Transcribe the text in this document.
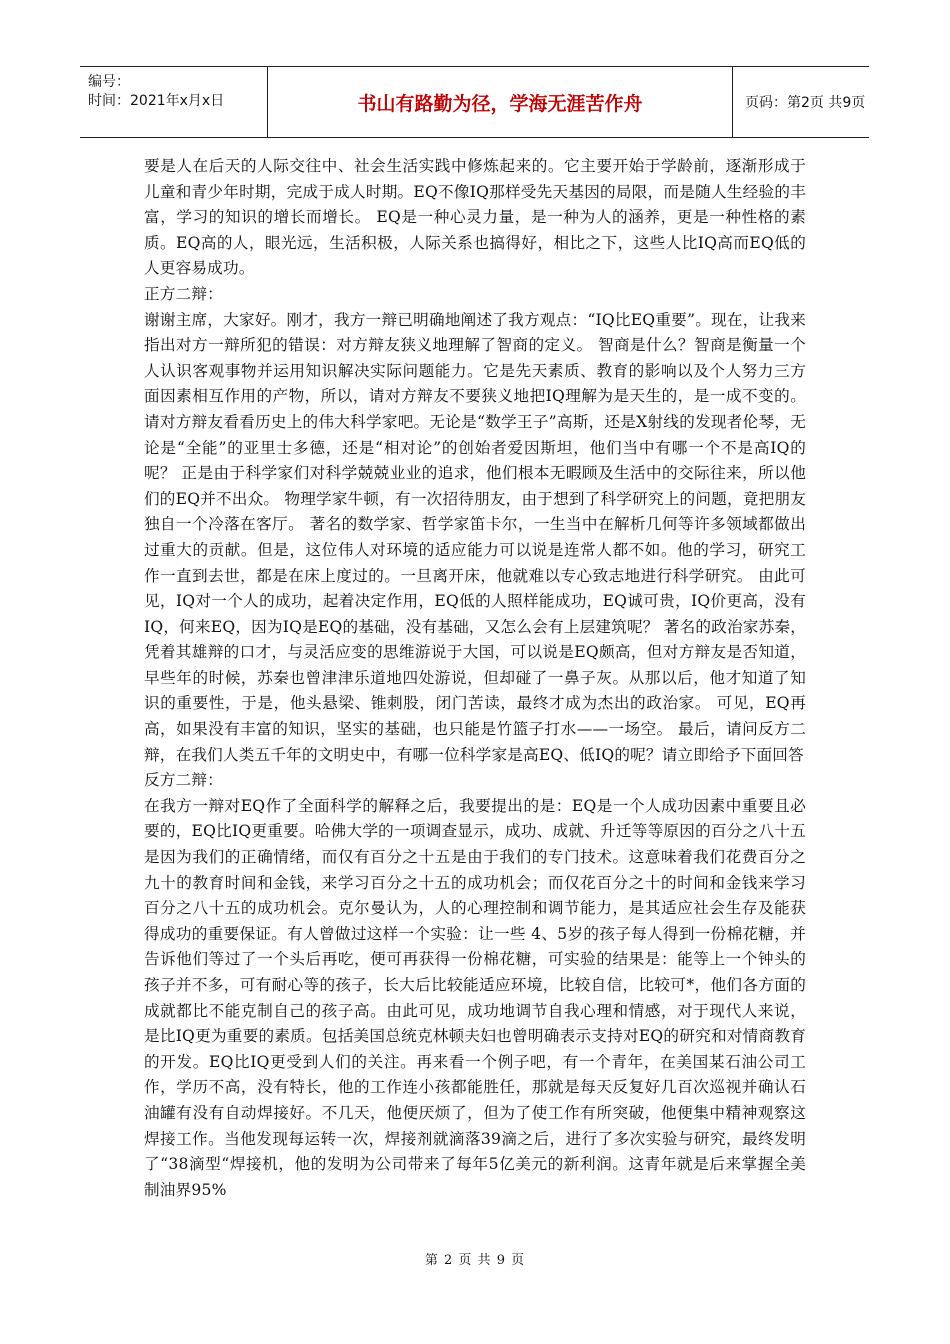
编号：
时间：2021年x月x日	书山有路勤为径，学海无涯苦作舟	页码：第2页 共9页

要是人在后天的人际交往中、社会生活实践中修炼起来的。它主要开始于学龄前，逐渐形成于儿童和青少年时期，完成于成人时期。EQ不像IQ那样受先天基因的局限，而是随人生经验的丰富，学习的知识的增长而增长。 EQ是一种心灵力量，是一种为人的涵养，更是一种性格的素质。EQ高的人，眼光远，生活积极，人际关系也搞得好，相比之下，这些人比IQ高而EQ低的人更容易成功。

正方二辩：

谢谢主席，大家好。刚才，我方一辩已明确地阐述了我方观点：“IQ比EQ重要”。现在，让我来指出对方一辩所犯的错误：对方辩友狭义地理解了智商的定义。 智商是什么？智商是衡量一个人认识客观事物并运用知识解决实际问题能力。它是先天素质、教育的影响以及个人努力三方面因素相互作用的产物，所以，请对方辩友不要狭义地把IQ理解为是天生的，是一成不变的。 请对方辩友看看历史上的伟大科学家吧。无论是“数学王子”高斯，还是X射线的发现者伦琴，无论是“全能”的亚里士多德，还是“相对论”的创始者爱因斯坦，他们当中有哪一个不是高IQ的呢？ 正是由于科学家们对科学兢兢业业的追求，他们根本无暇顾及生活中的交际往来，所以他们的EQ并不出众。 物理学家牛顿，有一次招待朋友，由于想到了科学研究上的问题，竟把朋友独自一个冷落在客厅。 著名的数学家、哲学家笛卡尔，一生当中在解析几何等许多领域都做出过重大的贡献。但是，这位伟人对环境的适应能力可以说是连常人都不如。他的学习，研究工作一直到去世，都是在床上度过的。一旦离开床，他就难以专心致志地进行科学研究。 由此可见，IQ对一个人的成功，起着决定作用，EQ低的人照样能成功，EQ诚可贵，IQ价更高，没有IQ，何来EQ，因为IQ是EQ的基础，没有基础，又怎么会有上层建筑呢？ 著名的政治家苏秦，凭着其雄辩的口才，与灵活应变的思维游说于大国，可以说是EQ颇高，但对方辩友是否知道，早些年的时候，苏秦也曾津津乐道地四处游说，但却碰了一鼻子灰。从那以后，他才知道了知识的重要性，于是，他头悬梁、锥刺股，闭门苦读，最终才成为杰出的政治家。 可见，EQ再高，如果没有丰富的知识，坚实的基础，也只能是竹篮子打水——一场空。 最后，请问反方二辩，在我们人类五千年的文明史中，有哪一位科学家是高EQ、低IQ的呢？请立即给予下面回答

反方二辩：

在我方一辩对EQ作了全面科学的解释之后，我要提出的是：EQ是一个人成功因素中重要且必要的，EQ比IQ更重要。哈佛大学的一项调查显示，成功、成就、升迁等等原因的百分之八十五是因为我们的正确情绪，而仅有百分之十五是由于我们的专门技术。这意味着我们花费百分之九十的教育时间和金钱，来学习百分之十五的成功机会；而仅花百分之十的时间和金钱来学习百分之八十五的成功机会。克尔曼认为，人的心理控制和调节能力，是其适应社会生存及能获得成功的重要保证。有人曾做过这样一个实验：让一些 4、5岁的孩子每人得到一份棉花糖，并告诉他们等过了一个头后再吃，便可再获得一份棉花糖，可实验的结果是：能等上一个钟头的孩子并不多，可有耐心等的孩子，长大后比较能适应环境，比较自信，比较可*，他们各方面的成就都比不能克制自己的孩子高。由此可见，成功地调节自我心理和情感，对于现代人来说，是比IQ更为重要的素质。包括美国总统克林顿夫妇也曾明确表示支持对EQ的研究和对情商教育的开发。EQ比IQ更受到人们的关注。再来看一个例子吧，有一个青年，在美国某石油公司工作，学历不高，没有特长，他的工作连小孩都能胜任，那就是每天反复好几百次巡视并确认石油罐有没有自动焊接好。不几天，他便厌烦了，但为了使工作有所突破，他便集中精神观察这焊接工作。当他发现每运转一次，焊接剂就滴落39滴之后，进行了多次实验与研究，最终发明了“38滴型“焊接机，他的发明为公司带来了每年5亿美元的新利润。这青年就是后来掌握全美制油界95%

第 2 页 共 9 页
